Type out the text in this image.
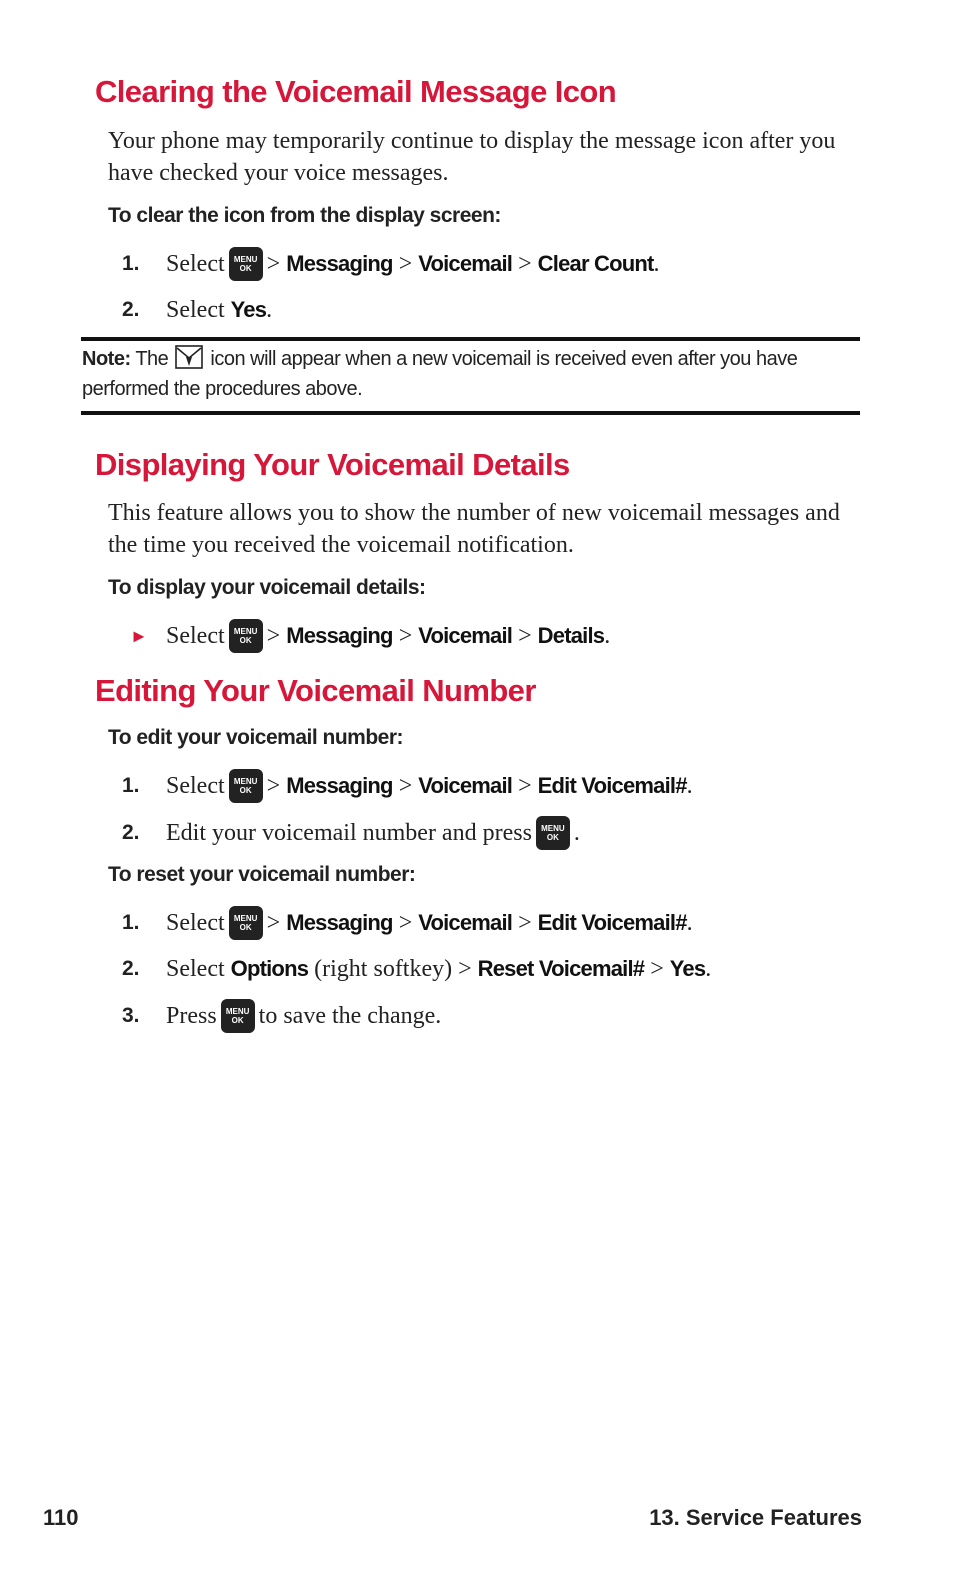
Clearing the Voicemail Message Icon

Your phone may temporarily continue to display the message icon after you have checked your voice messages.

To clear the icon from the display screen:

1.	Select MENU
OK > Messaging > Voicemail > Clear Count .
2.	Select Yes .

Note: The icon will appear when a new voicemail is received even after you have performed the procedures above.

Displaying Your Voicemail Details

This feature allows you to show the number of new voicemail messages and the time you received the voicemail notification.

To display your voicemail details:

► Select MENU
OK > Messaging > Voicemail > Details .
Editing Your Voicemail Number

To edit your voicemail number:

1.	Select MENU
OK > Messaging > Voicemail > Edit Voicemail# .
2.	Edit your voicemail number and press MENU
OK .

To reset your voicemail number:

1.	Select MENU
OK > Messaging > Voicemail > Edit Voicemail# .
2.	Select Options (right softkey) > Reset Voicemail# > Yes .
3.	Press MENU
OK to save the change.
110	13. Service Features
